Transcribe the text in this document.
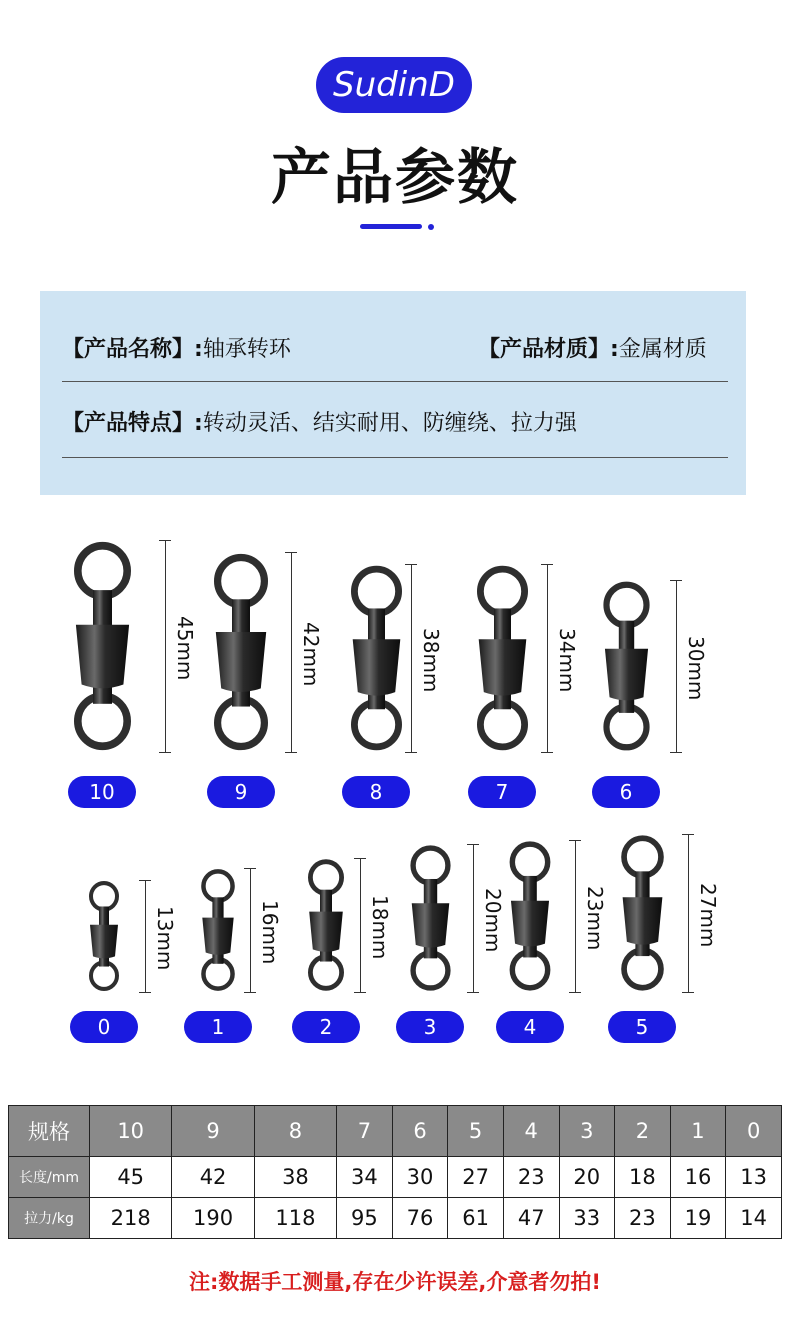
SudinD
产品参数
【产品名称】:轴承转环	【产品材质】:金属材质
【产品特点】:转动灵活、结实耐用、防缠绕、拉力强
45mm
10
42mm
9
38mm
8
34mm
7
30mm
6
13mm
0
16mm
1
18mm
2
20mm
3
23mm
4
27mm
5
规格	10	9	8	7	6	5	4	3	2	1	0
长度/mm	45	42	38	34	30	27	23	20	18	16	13
拉力/kg	218	190	118	95	76	61	47	33	23	19	14
注:数据手工测量,存在少许误差,介意者勿拍!
